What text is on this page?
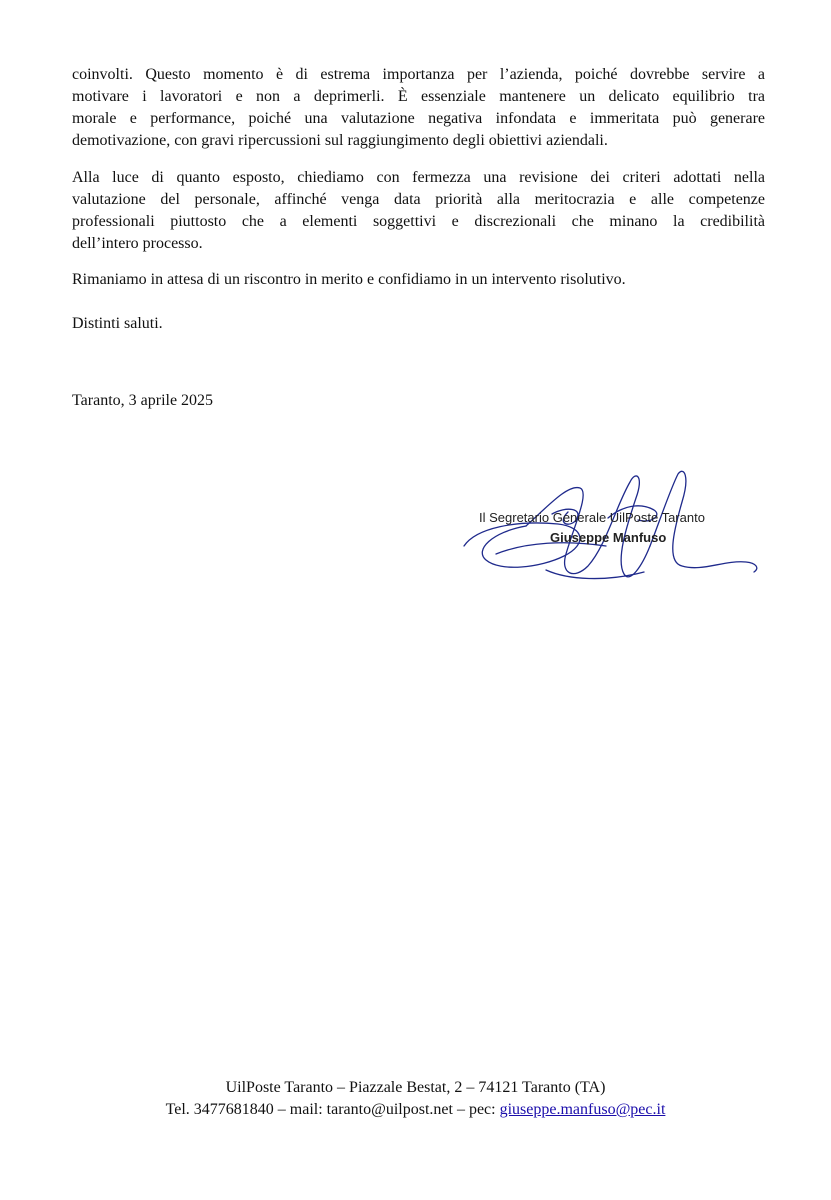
coinvolti. Questo momento è di estrema importanza per l’azienda, poiché dovrebbe servire a
motivare i lavoratori e non a deprimerli. È essenziale mantenere un delicato equilibrio tra
morale e performance, poiché una valutazione negativa infondata e immeritata può generare
demotivazione, con gravi ripercussioni sul raggiungimento degli obiettivi aziendali.

Alla luce di quanto esposto, chiediamo con fermezza una revisione dei criteri adottati nella
valutazione del personale, affinché venga data priorità alla meritocrazia e alle competenze
professionali piuttosto che a elementi soggettivi e discrezionali che minano la credibilità
dell’intero processo.

Rimaniamo in attesa di un riscontro in merito e confidiamo in un intervento risolutivo.

Distinti saluti.

Taranto, 3 aprile 2025

Il Segretario Generale UilPoste Taranto
Giuseppe Manfuso
UilPoste Taranto – Piazzale Bestat, 2 – 74121 Taranto (TA)
Tel. 3477681840 – mail: taranto@uilpost.net – pec: giuseppe.manfuso@pec.it
